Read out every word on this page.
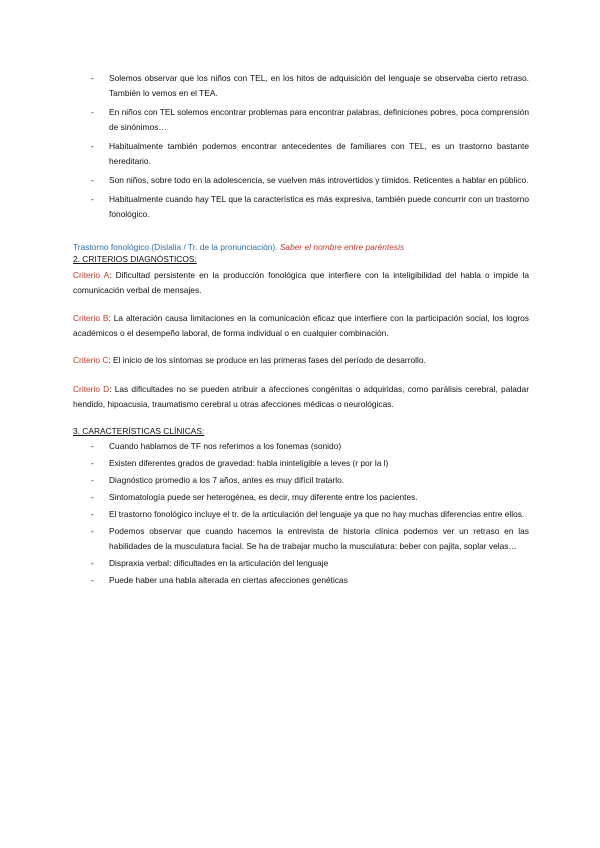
- Solemos observar que los niños con TEL, en los hitos de adquisición del lenguaje se observaba cierto retraso. También lo vemos en el TEA.
- En niños con TEL solemos encontrar problemas para encontrar palabras, definiciones pobres, poca comprensión de sinónimos…
- Habitualmente también podemos encontrar antecedentes de familiares con TEL, es un trastorno bastante hereditario.
- Son niños, sobre todo en la adolescencia, se vuelven más introvertidos y tímidos. Reticentes a hablar en público.
- Habitualmente cuando hay TEL que la característica es más expresiva, también puede concurrir con un trastorno fonológico.
Trastorno fonológico (Dislalia / Tr. de la pronunciación). Saber el nombre entre paréntesis
2. CRITERIOS DIAGNÓSTICOS:
Criterio A: Dificultad persistente en la producción fonológica que interfiere con la inteligibilidad del habla o impide la comunicación verbal de mensajes.
Criterio B: La alteración causa limitaciones en la comunicación eficaz que interfiere con la participación social, los logros académicos o el desempeño laboral, de forma individual o en cualquier combinación.
Criterio C: El inicio de los síntomas se produce en las primeras fases del período de desarrollo.
Criterio D: Las dificultades no se pueden atribuir a afecciones congénitas o adquiridas, como parálisis cerebral, paladar hendido, hipoacusia, traumatismo cerebral u otras afecciones médicas o neurológicas.
3. CARACTERÍSTICAS CLÍNICAS:
- Cuando hablamos de TF nos referimos a los fonemas (sonido)
- Existen diferentes grados de gravedad: habla ininteligible a leves (r por la l)
- Diagnóstico promedio a los 7 años, antes es muy difícil tratarlo.
- Sintomatología puede ser heterogénea, es decir, muy diferente entre los pacientes.
- El trastorno fonológico incluye el tr. de la articulación del lenguaje ya que no hay muchas diferencias entre ellos.
- Podemos observar que cuando hacemos la entrevista de historia clínica podemos ver un retraso en las habilidades de la musculatura facial. Se ha de trabajar mucho la musculatura: beber con pajita, soplar velas…
- Dispraxia verbal: dificultades en la articulación del lenguaje
- Puede haber una habla alterada en ciertas afecciones genéticas
